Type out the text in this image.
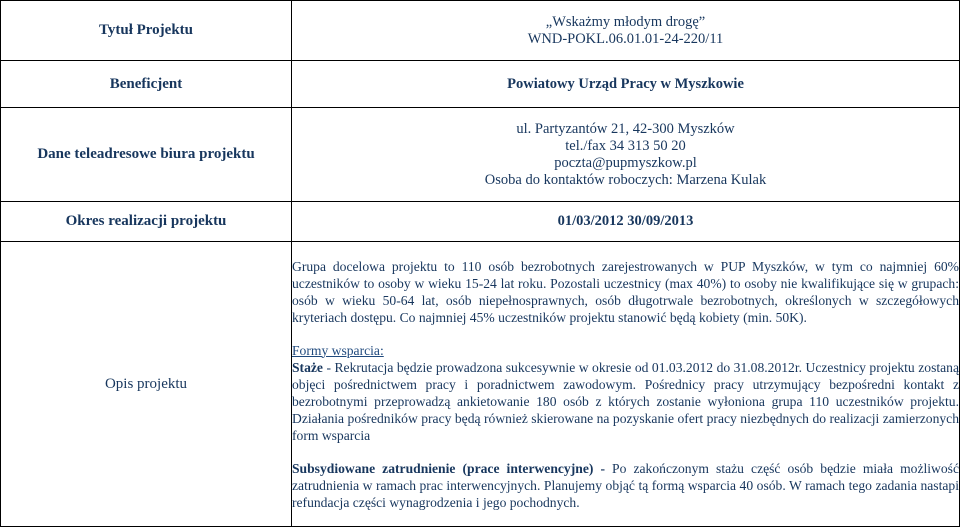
Tytuł Projektu	„Wskażmy młodym drogę”
WND-POKL.06.01.01-24-220/11

Beneficjent	Powiatowy Urząd Pracy w Myszkowie
Dane teleadresowe biura projektu	ul. Partyzantów 21, 42-300 Myszków
tel./fax 34 313 50 20
poczta@pupmyszkow.pl
Osoba do kontaktów roboczych: Marzena Kulak

Okres realizacji projektu	01/03/2012 30/09/2013
Opis projektu	Grupa docelowa projektu to 110 osób bezrobotnych zarejestrowanych w PUP Myszków, w tym co najmniej 60% uczestników to osoby w wieku 15-24 lat roku. Pozostali uczestnicy (max 40%) to osoby nie kwalifikujące się w grupach: osób w wieku 50-64 lat, osób niepełnosprawnych, osób długotrwale bezrobotnych, określonych w szczegółowych kryteriach dostępu. Co najmniej 45% uczestników projektu stanowić będą kobiety (min. 50K).

Formy wsparcia:

Staże - Rekrutacja będzie prowadzona sukcesywnie w okresie od 01.03.2012 do 31.08.2012r. Uczestnicy projektu zostaną objęci pośrednictwem pracy i poradnictwem zawodowym. Pośrednicy pracy utrzymujący bezpośredni kontakt z bezrobotnymi przeprowadzą ankietowanie 180 osób z których zostanie wyłoniona grupa 110 uczestników projektu. Działania pośredników pracy będą również skierowane na pozyskanie ofert pracy niezbędnych do realizacji zamierzonych form wsparcia

Subsydiowane zatrudnienie (prace interwencyjne) - Po zakończonym stażu część osób będzie miała możliwość zatrudnienia w ramach prac interwencyjnych. Planujemy objąć tą formą wsparcia 40 osób. W ramach tego zadania nastapi refundacja części wynagrodzenia i jego pochodnych.
